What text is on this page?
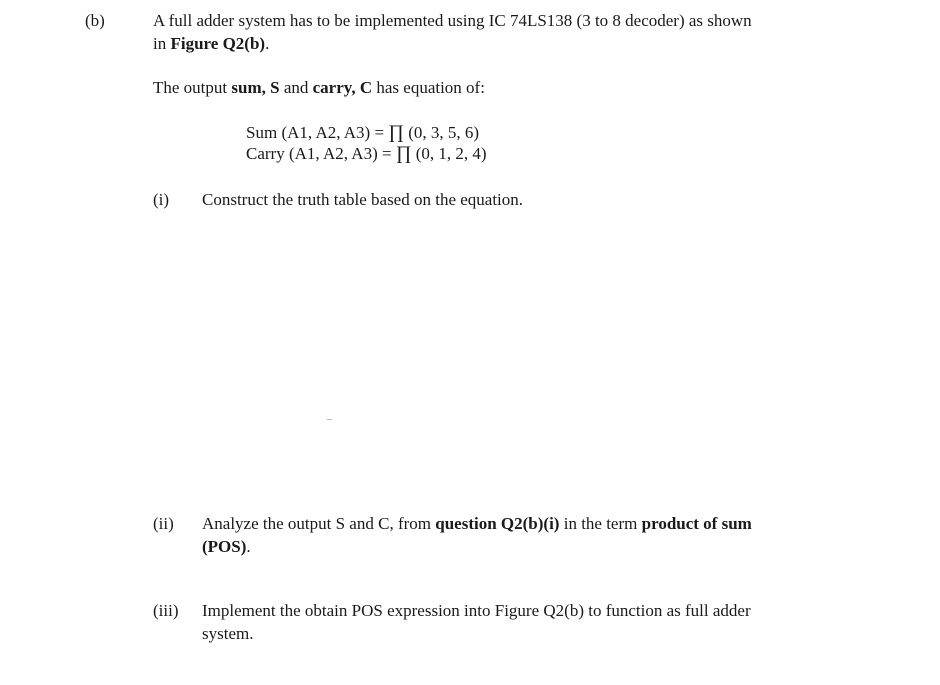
(b)	A full adder system has to be implemented using IC 74LS138 (3 to 8 decoder) as shown
in Figure Q2(b).
The output sum, S and carry, C has equation of:
Sum (A1, A2, A3) = ∏ (0, 3, 5, 6)
Carry (A1, A2, A3) = ∏ (0, 1, 2, 4)
(i) Construct the truth table based on the equation.
(ii) Analyze the output S and C, from question Q2(b)(i) in the term product of sum
(POS).
(iii) Implement the obtain POS expression into Figure Q2(b) to function as full adder
system.
